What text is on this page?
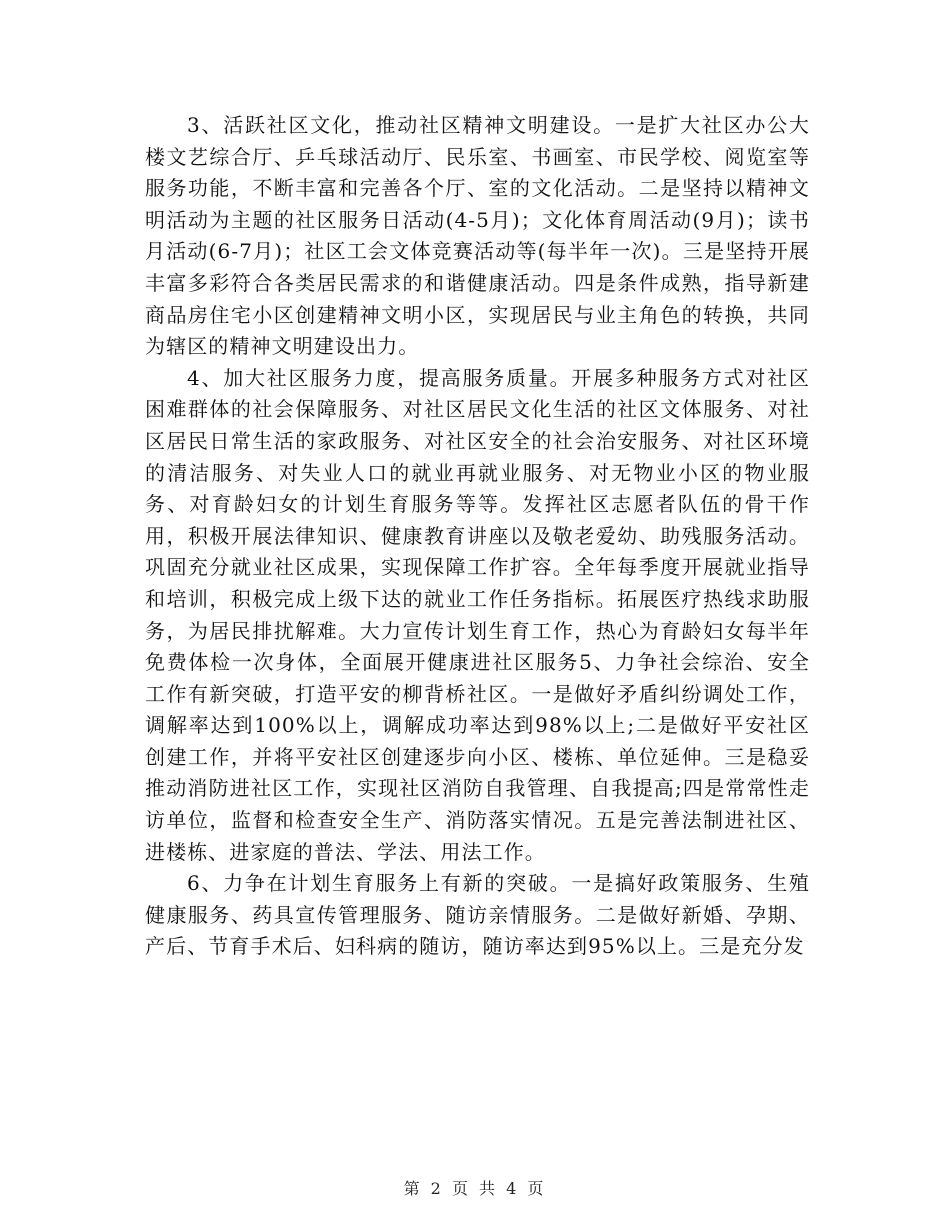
3、活跃社区文化，推动社区精神文明建设。一是扩大社区办公大楼文艺综合厅、乒乓球活动厅、民乐室、书画室、市民学校、阅览室等服务功能，不断丰富和完善各个厅、室的文化活动。二是坚持以精神文明活动为主题的社区服务日活动(4-5月)；文化体育周活动(9月)；读书月活动(6-7月)；社区工会文体竞赛活动等(每半年一次)。三是坚持开展丰富多彩符合各类居民需求的和谐健康活动。四是条件成熟，指导新建商品房住宅小区创建精神文明小区，实现居民与业主角色的转换，共同为辖区的精神文明建设出力。

4、加大社区服务力度，提高服务质量。开展多种服务方式对社区困难群体的社会保障服务、对社区居民文化生活的社区文体服务、对社区居民日常生活的家政服务、对社区安全的社会治安服务、对社区环境的清洁服务、对失业人口的就业再就业服务、对无物业小区的物业服务、对育龄妇女的计划生育服务等等。发挥社区志愿者队伍的骨干作用，积极开展法律知识、健康教育讲座以及敬老爱幼、助残服务活动。巩固充分就业社区成果，实现保障工作扩容。全年每季度开展就业指导和培训，积极完成上级下达的就业工作任务指标。拓展医疗热线求助服务，为居民排扰解难。大力宣传计划生育工作，热心为育龄妇女每半年免费体检一次身体，全面展开健康进社区服务5、力争社会综治、安全工作有新突破，打造平安的柳背桥社区。一是做好矛盾纠纷调处工作，调解率达到100%以上，调解成功率达到98%以上;二是做好平安社区创建工作，并将平安社区创建逐步向小区、楼栋、单位延伸。三是稳妥推动消防进社区工作，实现社区消防自我管理、自我提高;四是常常性走访单位，监督和检查安全生产、消防落实情况。五是完善法制进社区、进楼栋、进家庭的普法、学法、用法工作。

6、力争在计划生育服务上有新的突破。一是搞好政策服务、生殖健康服务、药具宣传管理服务、随访亲情服务。二是做好新婚、孕期、产后、节育手术后、妇科病的随访，随访率达到95%以上。三是充分发

第 2 页 共 4 页
